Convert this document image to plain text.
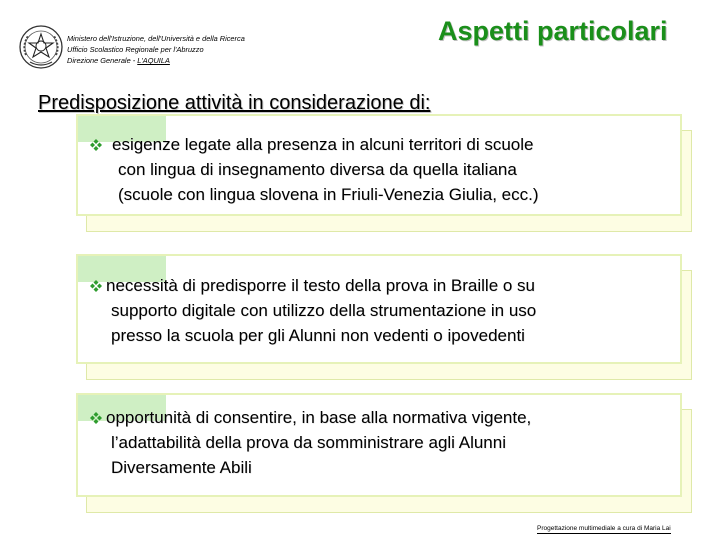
Ministero dell'Istruzione, dell'Università e della Ricerca
Ufficio Scolastico Regionale per l'Abruzzo
Direzione Generale - L'AQUILA
Aspetti particolari
Predisposizione attività in considerazione di:
esigenze legate alla presenza in alcuni territori di scuole
con lingua di insegnamento diversa da quella italiana
(scuole con lingua slovena in Friuli-Venezia Giulia, ecc.)
necessità di predisporre il testo della prova in Braille o su
supporto digitale con utilizzo della strumentazione in uso
presso la scuola per gli Alunni non vedenti o ipovedenti
opportunità di consentire, in base alla normativa vigente,
l’adattabilità della prova da somministrare agli Alunni
Diversamente Abili
Progettazione multimediale a cura di Maria Lai
